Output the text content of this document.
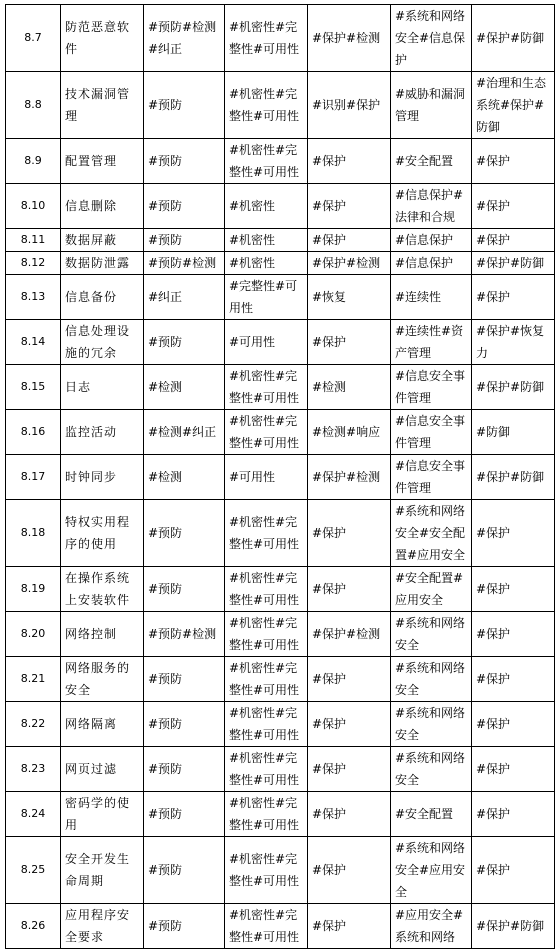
8.7	防范恶意软件	#预防#检测#纠正	#机密性#完整性#可用性	#保护#检测	#系统和网络安全#信息保护	#保护#防御
8.8	技术漏洞管理	#预防	#机密性#完整性#可用性	#识别#保护	#威胁和漏洞管理	#治理和生态系统#保护#防御
8.9	配置管理	#预防	#机密性#完整性#可用性	#保护	#安全配置	#保护
8.10	信息删除	#预防	#机密性	#保护	#信息保护#法律和合规	#保护
8.11	数据屏蔽	#预防	#机密性	#保护	#信息保护	#保护
8.12	数据防泄露	#预防#检测	#机密性	#保护#检测	#信息保护	#保护#防御
8.13	信息备份	#纠正	#完整性#可用性	#恢复	#连续性	#保护
8.14	信息处理设施的冗余	#预防	#可用性	#保护	#连续性#资产管理	#保护#恢复力
8.15	日志	#检测	#机密性#完整性#可用性	#检测	#信息安全事件管理	#保护#防御
8.16	监控活动	#检测#纠正	#机密性#完整性#可用性	#检测#响应	#信息安全事件管理	#防御
8.17	时钟同步	#检测	#可用性	#保护#检测	#信息安全事件管理	#保护#防御
8.18	特权实用程序的使用	#预防	#机密性#完整性#可用性	#保护	#系统和网络安全#安全配置#应用安全	#保护
8.19	在操作系统上安装软件	#预防	#机密性#完整性#可用性	#保护	#安全配置#应用安全	#保护
8.20	网络控制	#预防#检测	#机密性#完整性#可用性	#保护#检测	#系统和网络安全	#保护
8.21	网络服务的安全	#预防	#机密性#完整性#可用性	#保护	#系统和网络安全	#保护
8.22	网络隔离	#预防	#机密性#完整性#可用性	#保护	#系统和网络安全	#保护
8.23	网页过滤	#预防	#机密性#完整性#可用性	#保护	#系统和网络安全	#保护
8.24	密码学的使用	#预防	#机密性#完整性#可用性	#保护	#安全配置	#保护
8.25	安全开发生命周期	#预防	#机密性#完整性#可用性	#保护	#系统和网络安全#应用安全	#保护
8.26	应用程序安全要求	#预防	#机密性#完整性#可用性	#保护	#应用安全#系统和网络	#保护#防御
